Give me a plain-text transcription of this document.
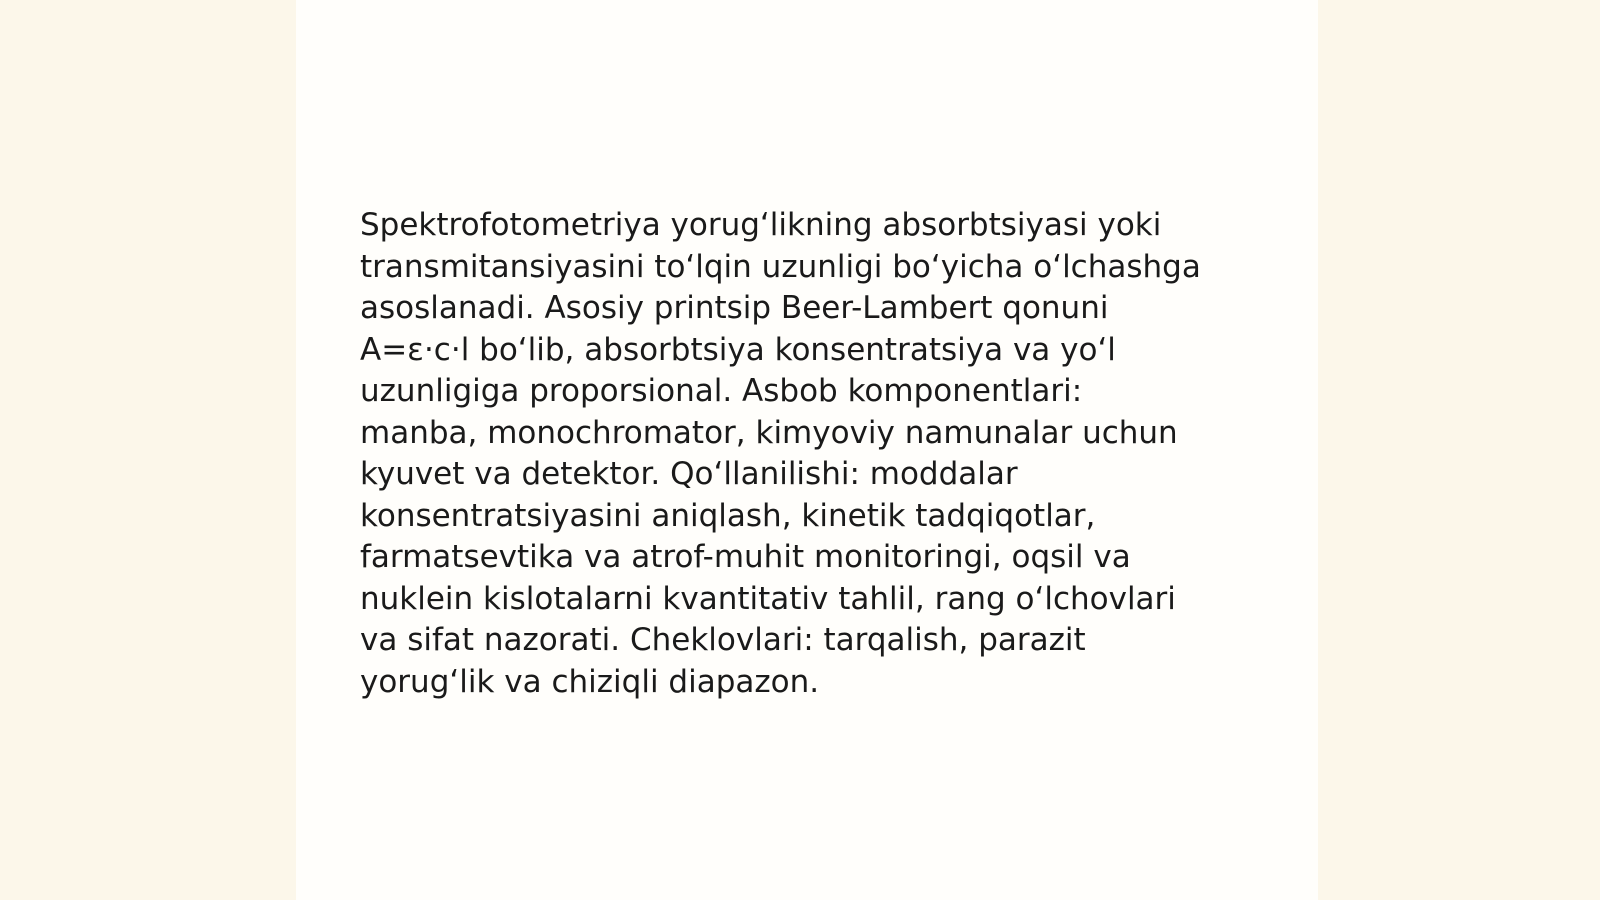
Spektrofotometriya yorugʻlikning absorbtsiyasi yoki
transmitansiyasini toʻlqin uzunligi boʻyicha oʻlchashga
asoslanadi. Asosiy printsip Beer-Lambert qonuni
A=ε·c·l boʻlib, absorbtsiya konsentratsiya va yoʻl
uzunligiga proporsional. Asbob komponentlari:
manba, monochromator, kimyoviy namunalar uchun
kyuvet va detektor. Qoʻllanilishi: moddalar
konsentratsiyasini aniqlash, kinetik tadqiqotlar,
farmatsevtika va atrof-muhit monitoringi, oqsil va
nuklein kislotalarni kvantitativ tahlil, rang oʻlchovlari
va sifat nazorati. Cheklovlari: tarqalish, parazit
yorugʻlik va chiziqli diapazon.
